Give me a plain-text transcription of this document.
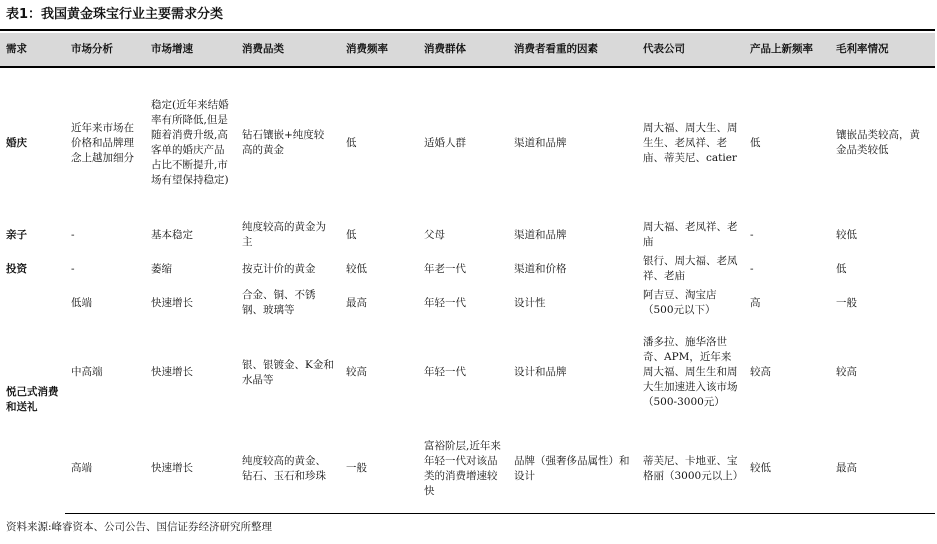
表1：我国黄金珠宝行业主要需求分类
需求	市场分析	市场增速	消费品类	消费频率	消费群体	消费者看重的因素	代表公司	产品上新频率	毛利率情况
婚庆	近年来市场在价格和品牌理念上越加细分	稳定(近年来结婚率有所降低,但是随着消费升级,高客单的婚庆产品占比不断提升,市场有望保持稳定)	钻石镶嵌+纯度较高的黄金	低	适婚人群	渠道和品牌	周大福、周大生、周生生、老凤祥、老庙、蒂芙尼、catier	低	镶嵌品类较高，黄金品类较低
亲子	-	基本稳定	纯度较高的黄金为主	低	父母	渠道和品牌	周大福、老凤祥、老庙	-	较低
投资	-	萎缩	按克计价的黄金	较低	年老一代	渠道和价格	银行、周大福、老凤祥、老庙	-	低
悦己式消费和送礼	低端	快速增长	合金、铜、不锈钢、玻璃等	最高	年轻一代	设计性	阿吉豆、淘宝店（500元以下）	高	一般
	中高端	快速增长	银、银镀金、K金和水晶等	较高	年轻一代	设计和品牌	潘多拉、施华洛世奇、APM，近年来周大福、周生生和周大生加速进入该市场（500-3000元）	较高	较高
	高端	快速增长	纯度较高的黄金、钻石、玉石和珍珠	一般	富裕阶层,近年来年轻一代对该品类的消费增速较快	品牌（强奢侈品属性）和设计	蒂芙尼、卡地亚、宝格丽（3000元以上）	较低	最高
资料来源:峰睿资本、公司公告、国信证券经济研究所整理
